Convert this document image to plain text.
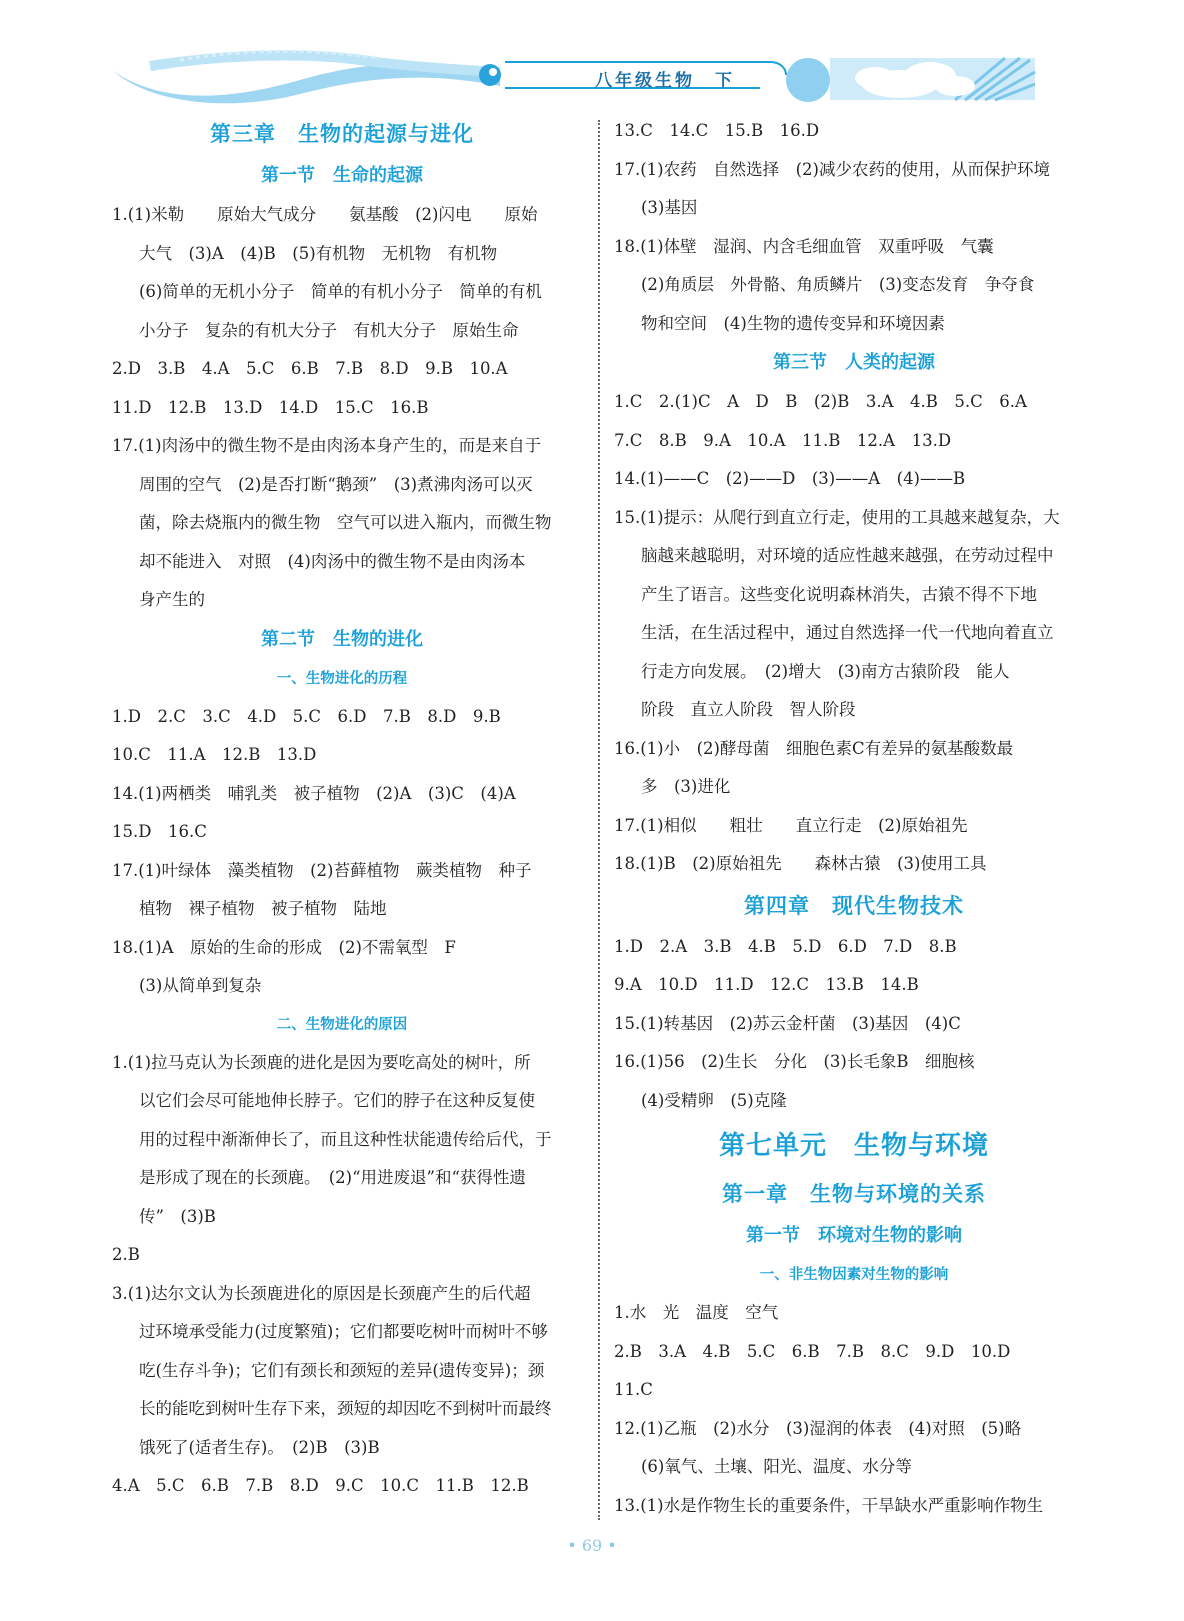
八年级生物　下
第三章　生物的起源与进化
第一节　生命的起源
1.(1)米勒　　原始大气成分　　氨基酸　(2)闪电　　原始
大气　(3)A　(4)B　(5)有机物　无机物　有机物
(6)简单的无机小分子　简单的有机小分子　简单的有机
小分子　复杂的有机大分子　有机大分子　原始生命
2.D　3.B　4.A　5.C　6.B　7.B　8.D　9.B　10.A
11.D　12.B　13.D　14.D　15.C　16.B
17.(1)肉汤中的微生物不是由肉汤本身产生的，而是来自于
周围的空气　(2)是否打断“鹅颈”　(3)煮沸肉汤可以灭
菌，除去烧瓶内的微生物　空气可以进入瓶内，而微生物
却不能进入　对照　(4)肉汤中的微生物不是由肉汤本
身产生的
第二节　生物的进化
一、生物进化的历程
1.D　2.C　3.C　4.D　5.C　6.D　7.B　8.D　9.B
10.C　11.A　12.B　13.D
14.(1)两栖类　哺乳类　被子植物　(2)A　(3)C　(4)A
15.D　16.C
17.(1)叶绿体　藻类植物　(2)苔藓植物　蕨类植物　种子
植物　裸子植物　被子植物　陆地
18.(1)A　原始的生命的形成　(2)不需氧型　F
(3)从简单到复杂
二、生物进化的原因
1.(1)拉马克认为长颈鹿的进化是因为要吃高处的树叶，所
以它们会尽可能地伸长脖子。它们的脖子在这种反复使
用的过程中渐渐伸长了，而且这种性状能遗传给后代，于
是形成了现在的长颈鹿。　(2)“用进废退”和“获得性遗
传”　(3)B
2.B
3.(1)达尔文认为长颈鹿进化的原因是长颈鹿产生的后代超
过环境承受能力(过度繁殖)；它们都要吃树叶而树叶不够
吃(生存斗争)；它们有颈长和颈短的差异(遗传变异)；颈
长的能吃到树叶生存下来，颈短的却因吃不到树叶而最终
饿死了(适者生存)。　(2)B　(3)B
4.A　5.C　6.B　7.B　8.D　9.C　10.C　11.B　12.B
13.C　14.C　15.B　16.D
17.(1)农药　自然选择　(2)减少农药的使用，从而保护环境
(3)基因
18.(1)体壁　湿润、内含毛细血管　双重呼吸　气囊
(2)角质层　外骨骼、角质鳞片　(3)变态发育　争夺食
物和空间　(4)生物的遗传变异和环境因素
第三节　人类的起源
1.C　2.(1)C　A　D　B　(2)B　3.A　4.B　5.C　6.A
7.C　8.B　9.A　10.A　11.B　12.A　13.D
14.(1)——C　(2)——D　(3)——A　(4)——B
15.(1)提示：从爬行到直立行走，使用的工具越来越复杂，大
脑越来越聪明，对环境的适应性越来越强，在劳动过程中
产生了语言。这些变化说明森林消失，古猿不得不下地
生活，在生活过程中，通过自然选择一代一代地向着直立
行走方向发展。　(2)增大　(3)南方古猿阶段　能人
阶段　直立人阶段　智人阶段
16.(1)小　(2)酵母菌　细胞色素C有差异的氨基酸数最
多　(3)进化
17.(1)相似　　粗壮　　直立行走　(2)原始祖先
18.(1)B　(2)原始祖先　　森林古猿　(3)使用工具
第四章　现代生物技术
1.D　2.A　3.B　4.B　5.D　6.D　7.D　8.B
9.A　10.D　11.D　12.C　13.B　14.B
15.(1)转基因　(2)苏云金杆菌　(3)基因　(4)C
16.(1)56　(2)生长　分化　(3)长毛象B　细胞核
(4)受精卵　(5)克隆
第七单元　生物与环境
第一章　生物与环境的关系
第一节　环境对生物的影响
一、非生物因素对生物的影响
1.水　光　温度　空气
2.B　3.A　4.B　5.C　6.B　7.B　8.C　9.D　10.D
11.C
12.(1)乙瓶　(2)水分　(3)湿润的体表　(4)对照　(5)略
(6)氧气、土壤、阳光、温度、水分等
13.(1)水是作物生长的重要条件，干旱缺水严重影响作物生
• 69 •
